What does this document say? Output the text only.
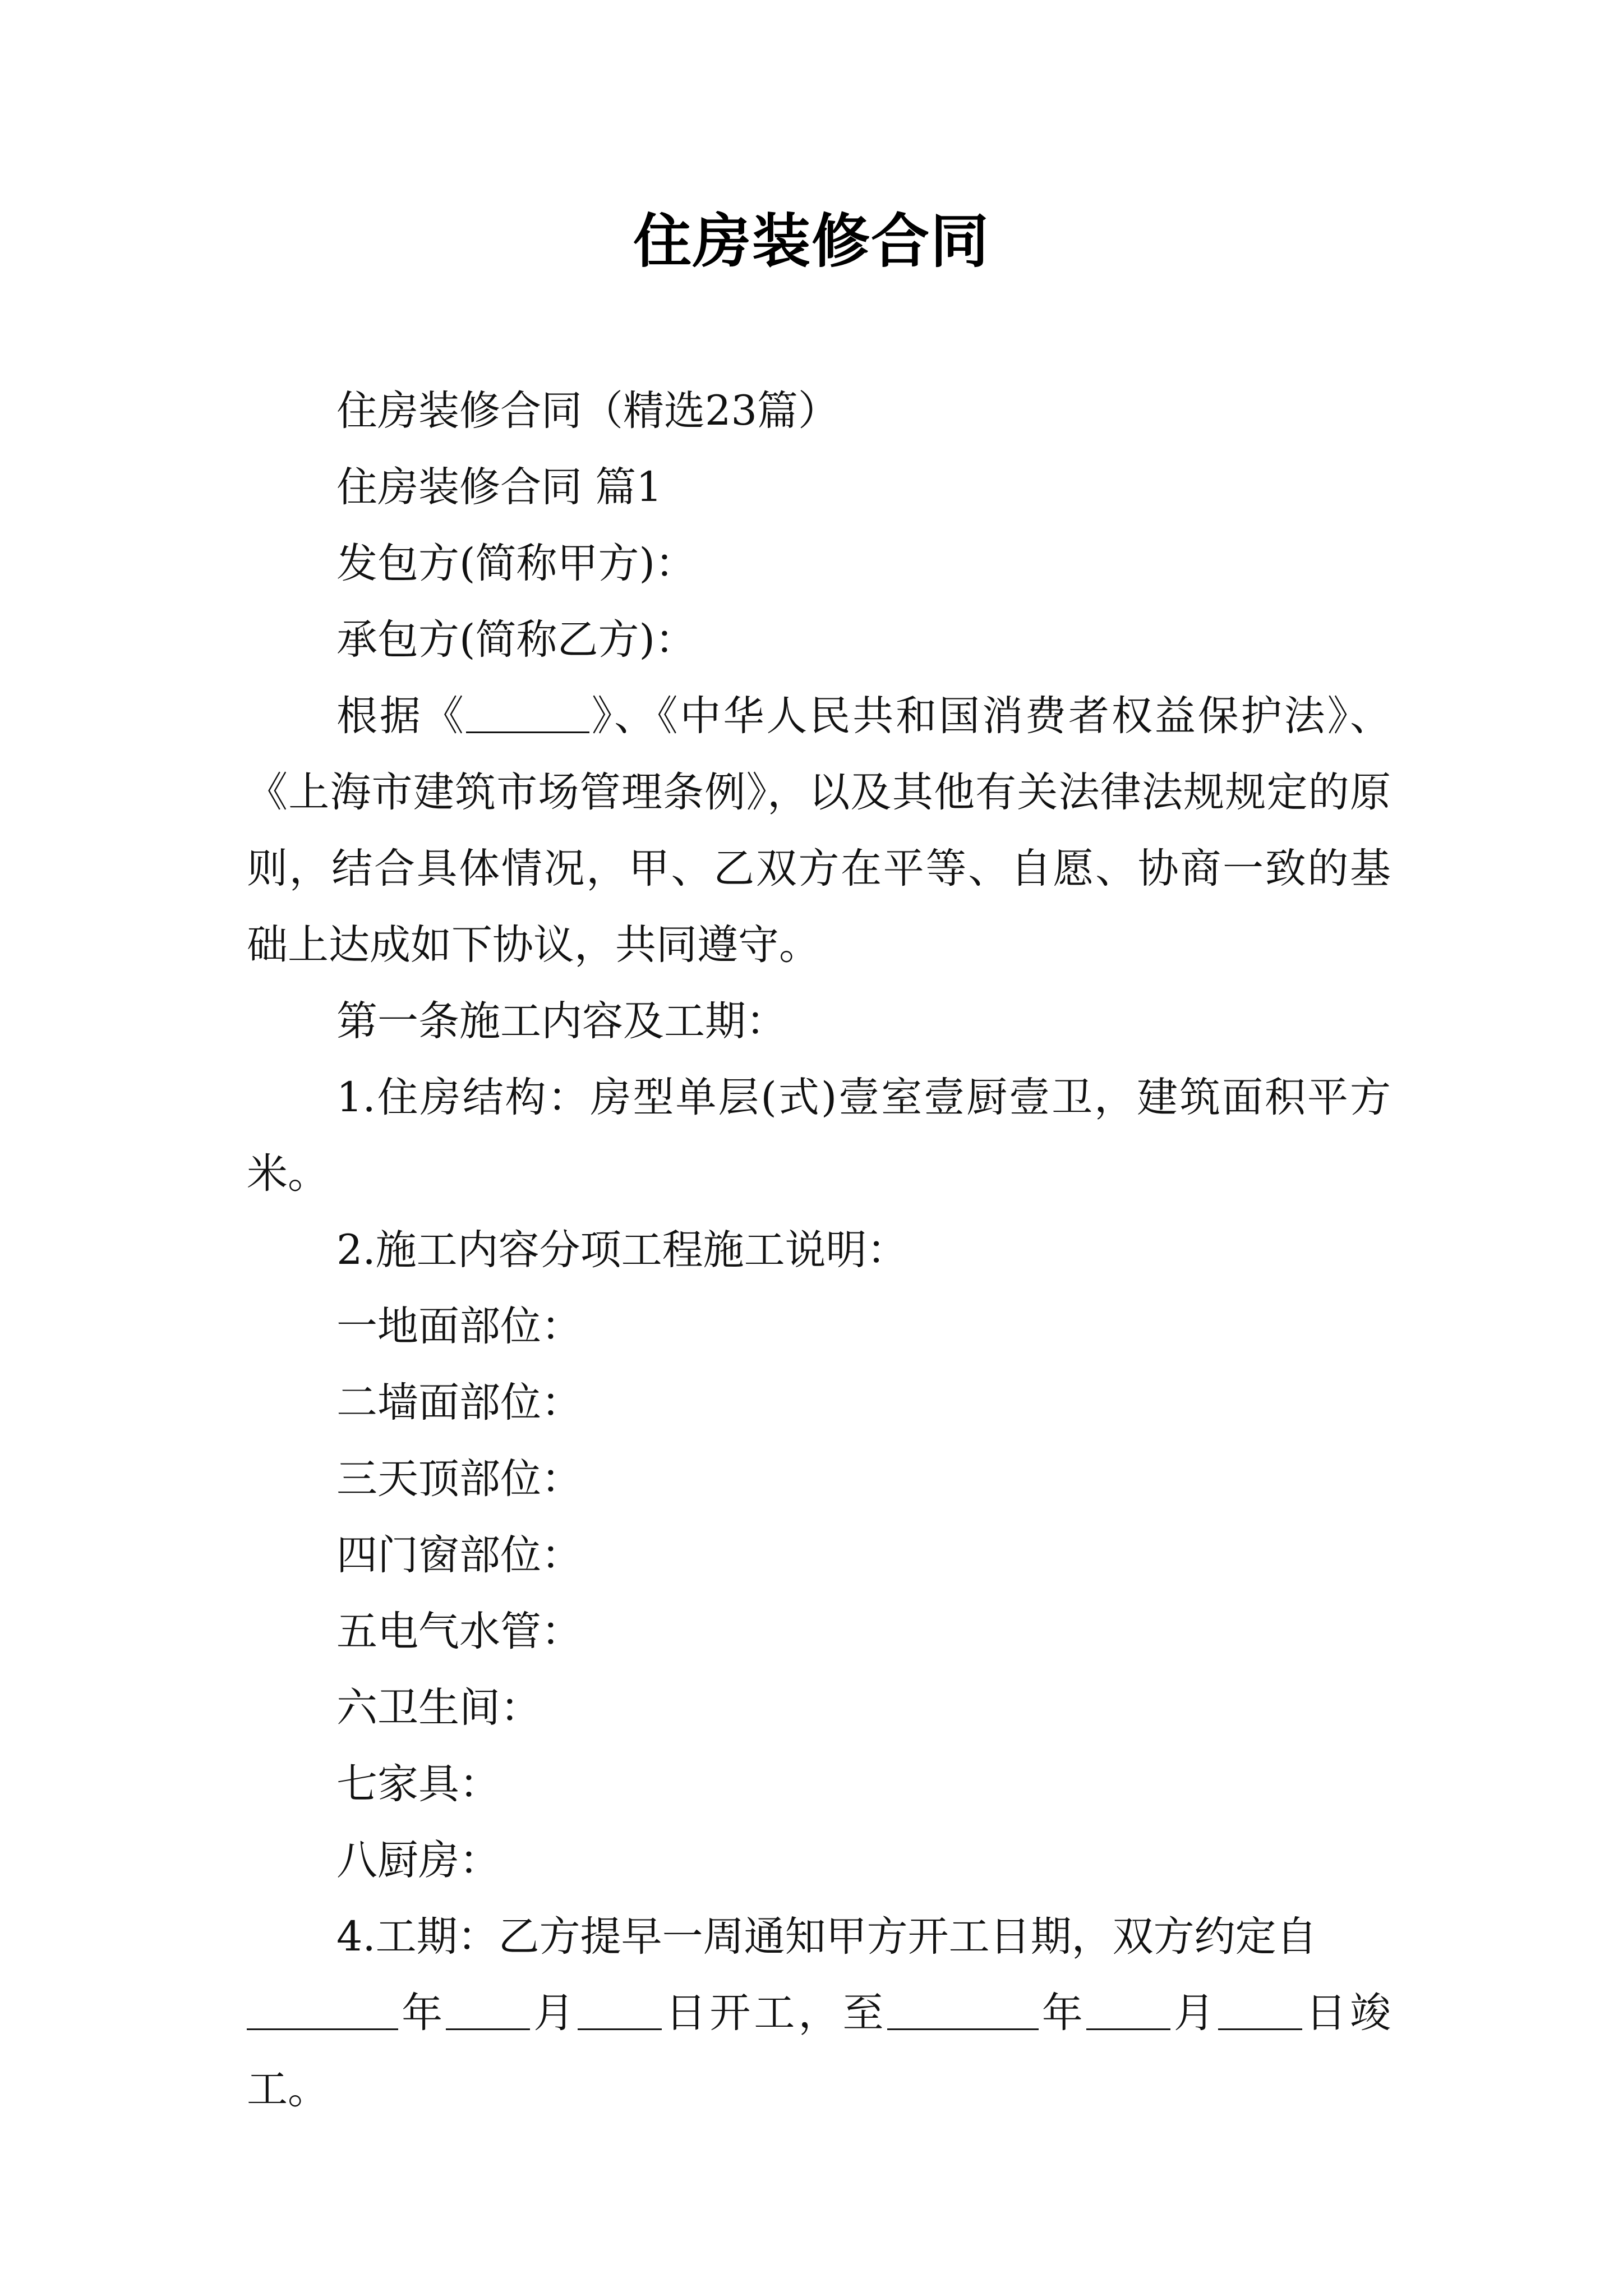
住房装修合同

住房装修合同（精选23篇）

住房装修合同 篇1

发包方(简称甲方)：

承包方(简称乙方)：

根据《	》、《中华人民共和国消费者权益保护法》、《上海市建筑市场管理条例》，以及其他有关法律法规规定的原则，结合具体情况，甲、乙双方在平等、自愿、协商一致的基础上达成如下协议，共同遵守。

第一条施工内容及工期：

1.住房结构：房型单层(式)壹室壹厨壹卫，建筑面积平方米。

2.施工内容分项工程施工说明：

一地面部位：

二墙面部位：

三天顶部位：

四门窗部位：

五电气水管：

六卫生间：

七家具：

八厨房：

4.工期：乙方提早一周通知甲方开工日期，双方约定自

年 月 日开工，至	年 月 日竣工。
